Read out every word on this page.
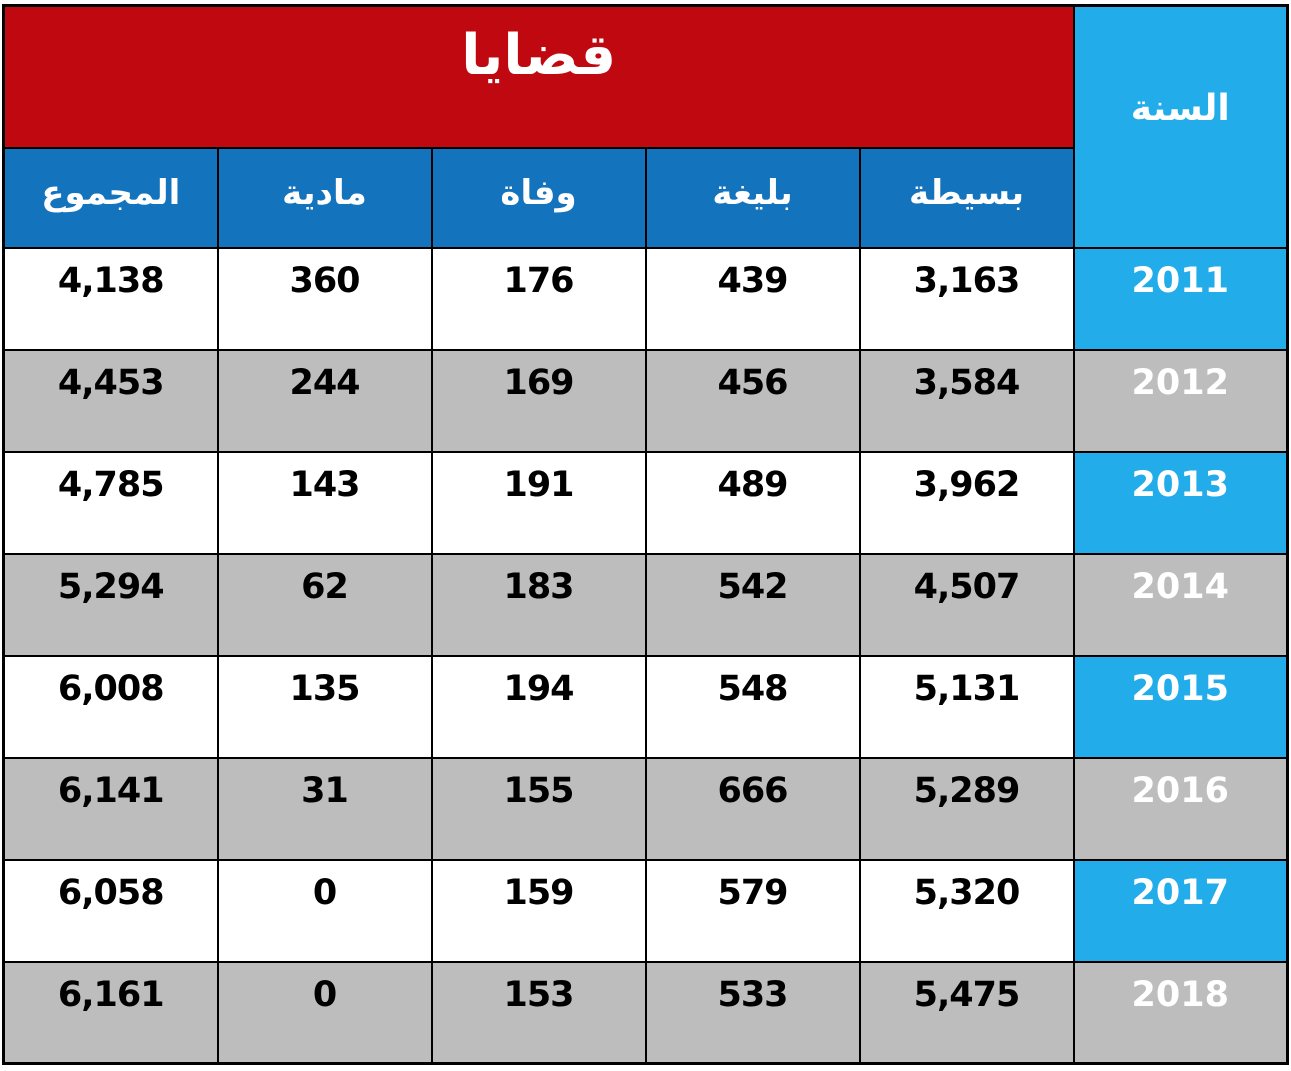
السنة	قضايا				
	بسيطة	بليغة	وفاة	مادية	المجموع
2011	3,163	439	176	360	4,138
2012	3,584	456	169	244	4,453
2013	3,962	489	191	143	4,785
2014	4,507	542	183	62	5,294
2015	5,131	548	194	135	6,008
2016	5,289	666	155	31	6,141
2017	5,320	579	159	0	6,058
2018	5,475	533	153	0	6,161
